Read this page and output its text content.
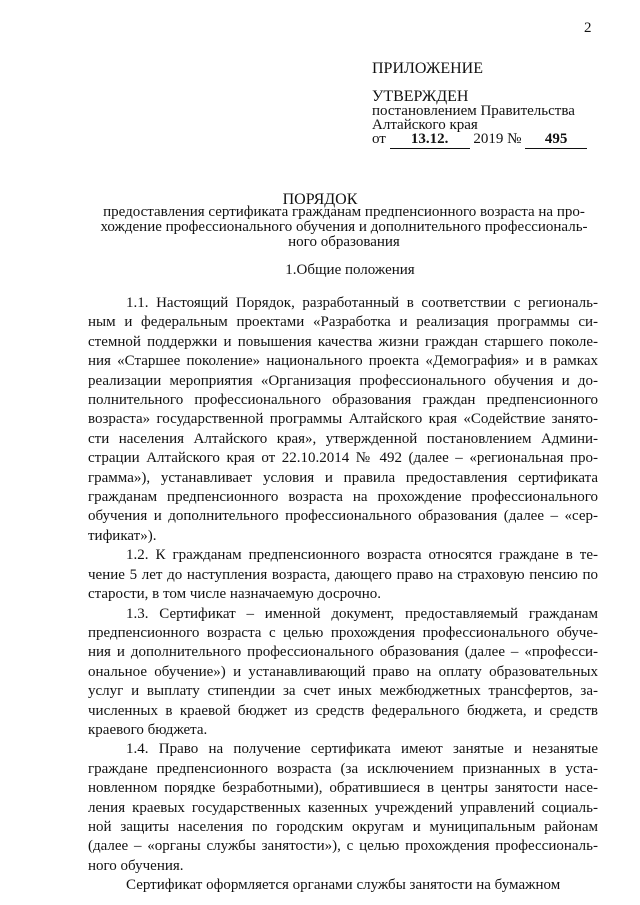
2
ПРИЛОЖЕНИЕ
УТВЕРЖДЕН
постановлением Правительства
Алтайского края
от 13.12. 2019 № 495
ПОРЯДОК
предоставления сертификата гражданам предпенсионного возраста на про-хождение профессионального обучения и дополнительного профессиональ-ного образования
1.Общие положения

1.1. Настоящий Порядок, разработанный в соответствии с региональ-ным и федеральным проектами «Разработка и реализация программы си-стемной поддержки и повышения качества жизни граждан старшего поколе-ния «Старшее поколение» национального проекта «Демография» и в рамках реализации мероприятия «Организация профессионального обучения и до-полнительного профессионального образования граждан предпенсионного возраста» государственной программы Алтайского края «Содействие занято-сти населения Алтайского края», утвержденной постановлением Админи-страции Алтайского края от 22.10.2014 № 492 (далее – «региональная про-грамма»), устанавливает условия и правила предоставления сертификата гражданам предпенсионного возраста на прохождение профессионального обучения и дополнительного профессионального образования (далее – «сер-тификат»).

1.2. К гражданам предпенсионного возраста относятся граждане в те-чение 5 лет до наступления возраста, дающего право на страховую пенсию по старости, в том числе назначаемую досрочно.

1.3. Сертификат – именной документ, предоставляемый гражданам предпенсионного возраста с целью прохождения профессионального обуче-ния и дополнительного профессионального образования (далее – «професси-ональное обучение») и устанавливающий право на оплату образовательных услуг и выплату стипендии за счет иных межбюджетных трансфертов, за-численных в краевой бюджет из средств федерального бюджета, и средств краевого бюджета.

1.4. Право на получение сертификата имеют занятые и незанятые граждане предпенсионного возраста (за исключением признанных в уста-новленном порядке безработными), обратившиеся в центры занятости насе-ления краевых государственных казенных учреждений управлений социаль-ной защиты населения по городским округам и муниципальным районам (далее – «органы службы занятости»), с целью прохождения профессиональ-ного обучения.

Сертификат оформляется органами службы занятости на бумажном
